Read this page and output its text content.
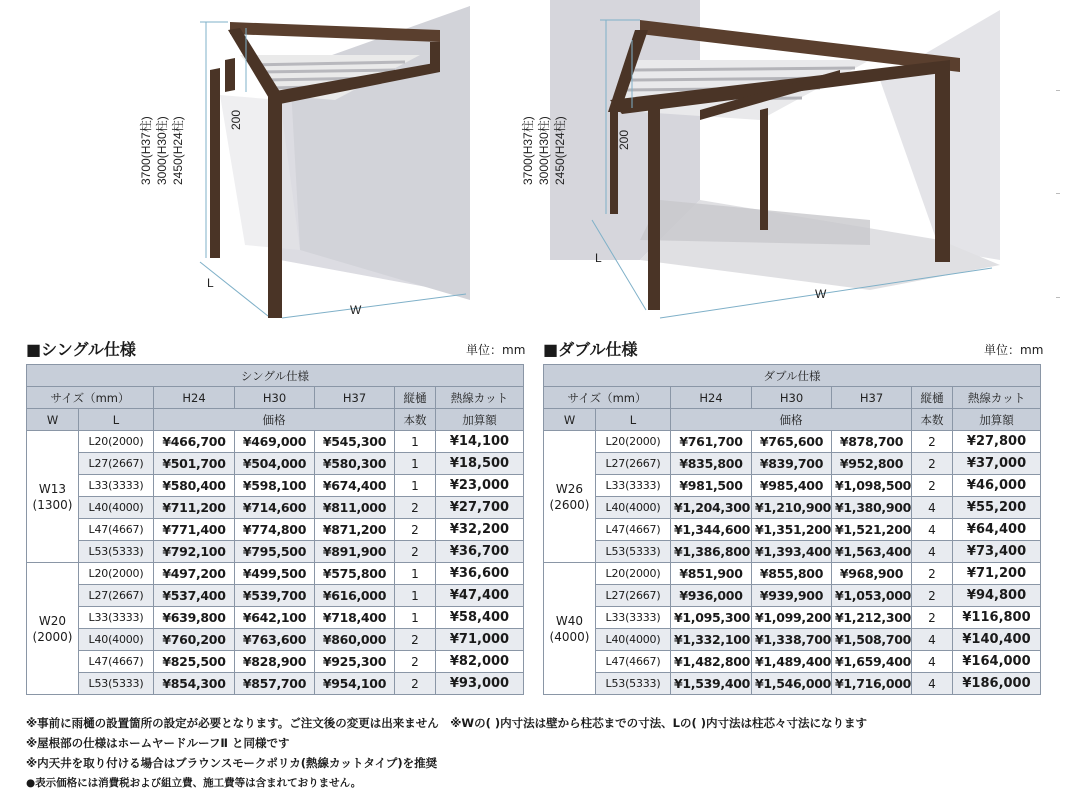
3700(H37柱) 3000(H30柱) 2450(H24柱)	200
L
W
3700(H37柱) 3000(H30柱) 2450(H24柱)	200
L
W
■シングル仕様	単位：mm ■ダブル仕様	単位：mm
シングル仕様						
サイズ（mm）		H24	H30	H37	縦樋	熱線カット
W	L	価格			本数	加算額

W13
(1300)	L20(2000)	¥466,700	¥469,000	¥545,300	1	¥14,100
	L27(2667)	¥501,700	¥504,000	¥580,300	1	¥18,500
	L33(3333)	¥580,400	¥598,100	¥674,400	1	¥23,000
	L40(4000)	¥711,200	¥714,600	¥811,000	2	¥27,700
	L47(4667)	¥771,400	¥774,800	¥871,200	2	¥32,200
	L53(5333)	¥792,100	¥795,500	¥891,900	2	¥36,700

W20
(2000)	L20(2000)	¥497,200	¥499,500	¥575,800	1	¥36,600
	L27(2667)	¥537,400	¥539,700	¥616,000	1	¥47,400
	L33(3333)	¥639,800	¥642,100	¥718,400	1	¥58,400
	L40(4000)	¥760,200	¥763,600	¥860,000	2	¥71,000
	L47(4667)	¥825,500	¥828,900	¥925,300	2	¥82,000
	L53(5333)	¥854,300	¥857,700	¥954,100	2	¥93,000
ダブル仕様						
サイズ（mm）		H24	H30	H37	縦樋	熱線カット
W	L	価格			本数	加算額

W26
(2600)	L20(2000)	¥761,700	¥765,600	¥878,700	2	¥27,800
	L27(2667)	¥835,800	¥839,700	¥952,800	2	¥37,000
	L33(3333)	¥981,500	¥985,400	¥1,098,500	2	¥46,000
	L40(4000)	¥1,204,300	¥1,210,900	¥1,380,900	4	¥55,200
	L47(4667)	¥1,344,600	¥1,351,200	¥1,521,200	4	¥64,400
	L53(5333)	¥1,386,800	¥1,393,400	¥1,563,400	4	¥73,400

W40
(4000)	L20(2000)	¥851,900	¥855,800	¥968,900	2	¥71,200
	L27(2667)	¥936,000	¥939,900	¥1,053,000	2	¥94,800
	L33(3333)	¥1,095,300	¥1,099,200	¥1,212,300	2	¥116,800
	L40(4000)	¥1,332,100	¥1,338,700	¥1,508,700	4	¥140,400
	L47(4667)	¥1,482,800	¥1,489,400	¥1,659,400	4	¥164,000
	L53(5333)	¥1,539,400	¥1,546,000	¥1,716,000	4	¥186,000
※事前に雨樋の設置箇所の設定が必要となります。ご注文後の変更は出来ません　※Wの( )内寸法は壁から柱芯までの寸法、Lの( )内寸法は柱芯々寸法になります
※屋根部の仕様はホームヤードルーフⅡ と同様です
※内天井を取り付ける場合はブラウンスモークポリカ(熱線カットタイプ)を推奨
●表示価格には消費税および組立費、施工費等は含まれておりません。
